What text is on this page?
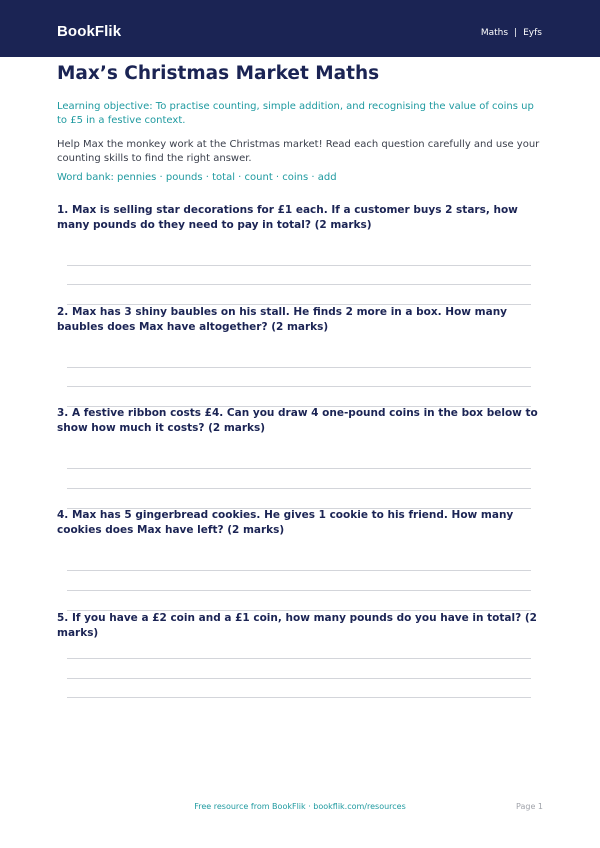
BookFlik	Maths | Eyfs
Max’s Christmas Market Maths
Learning objective: To practise counting, simple addition, and recognising the value of coins up to £5 in a festive context.
Help Max the monkey work at the Christmas market! Read each question carefully and use your counting skills to find the right answer.
Word bank: pennies · pounds · total · count · coins · add
1. Max is selling star decorations for £1 each. If a customer buys 2 stars, how many pounds do they need to pay in total? (2 marks)
2. Max has 3 shiny baubles on his stall. He finds 2 more in a box. How many baubles does Max have altogether? (2 marks)
3. A festive ribbon costs £4. Can you draw 4 one-pound coins in the box below to show how much it costs? (2 marks)
4. Max has 5 gingerbread cookies. He gives 1 cookie to his friend. How many cookies does Max have left? (2 marks)
5. If you have a £2 coin and a £1 coin, how many pounds do you have in total? (2 marks)
Free resource from BookFlik · bookflik.com/resources	Page 1
